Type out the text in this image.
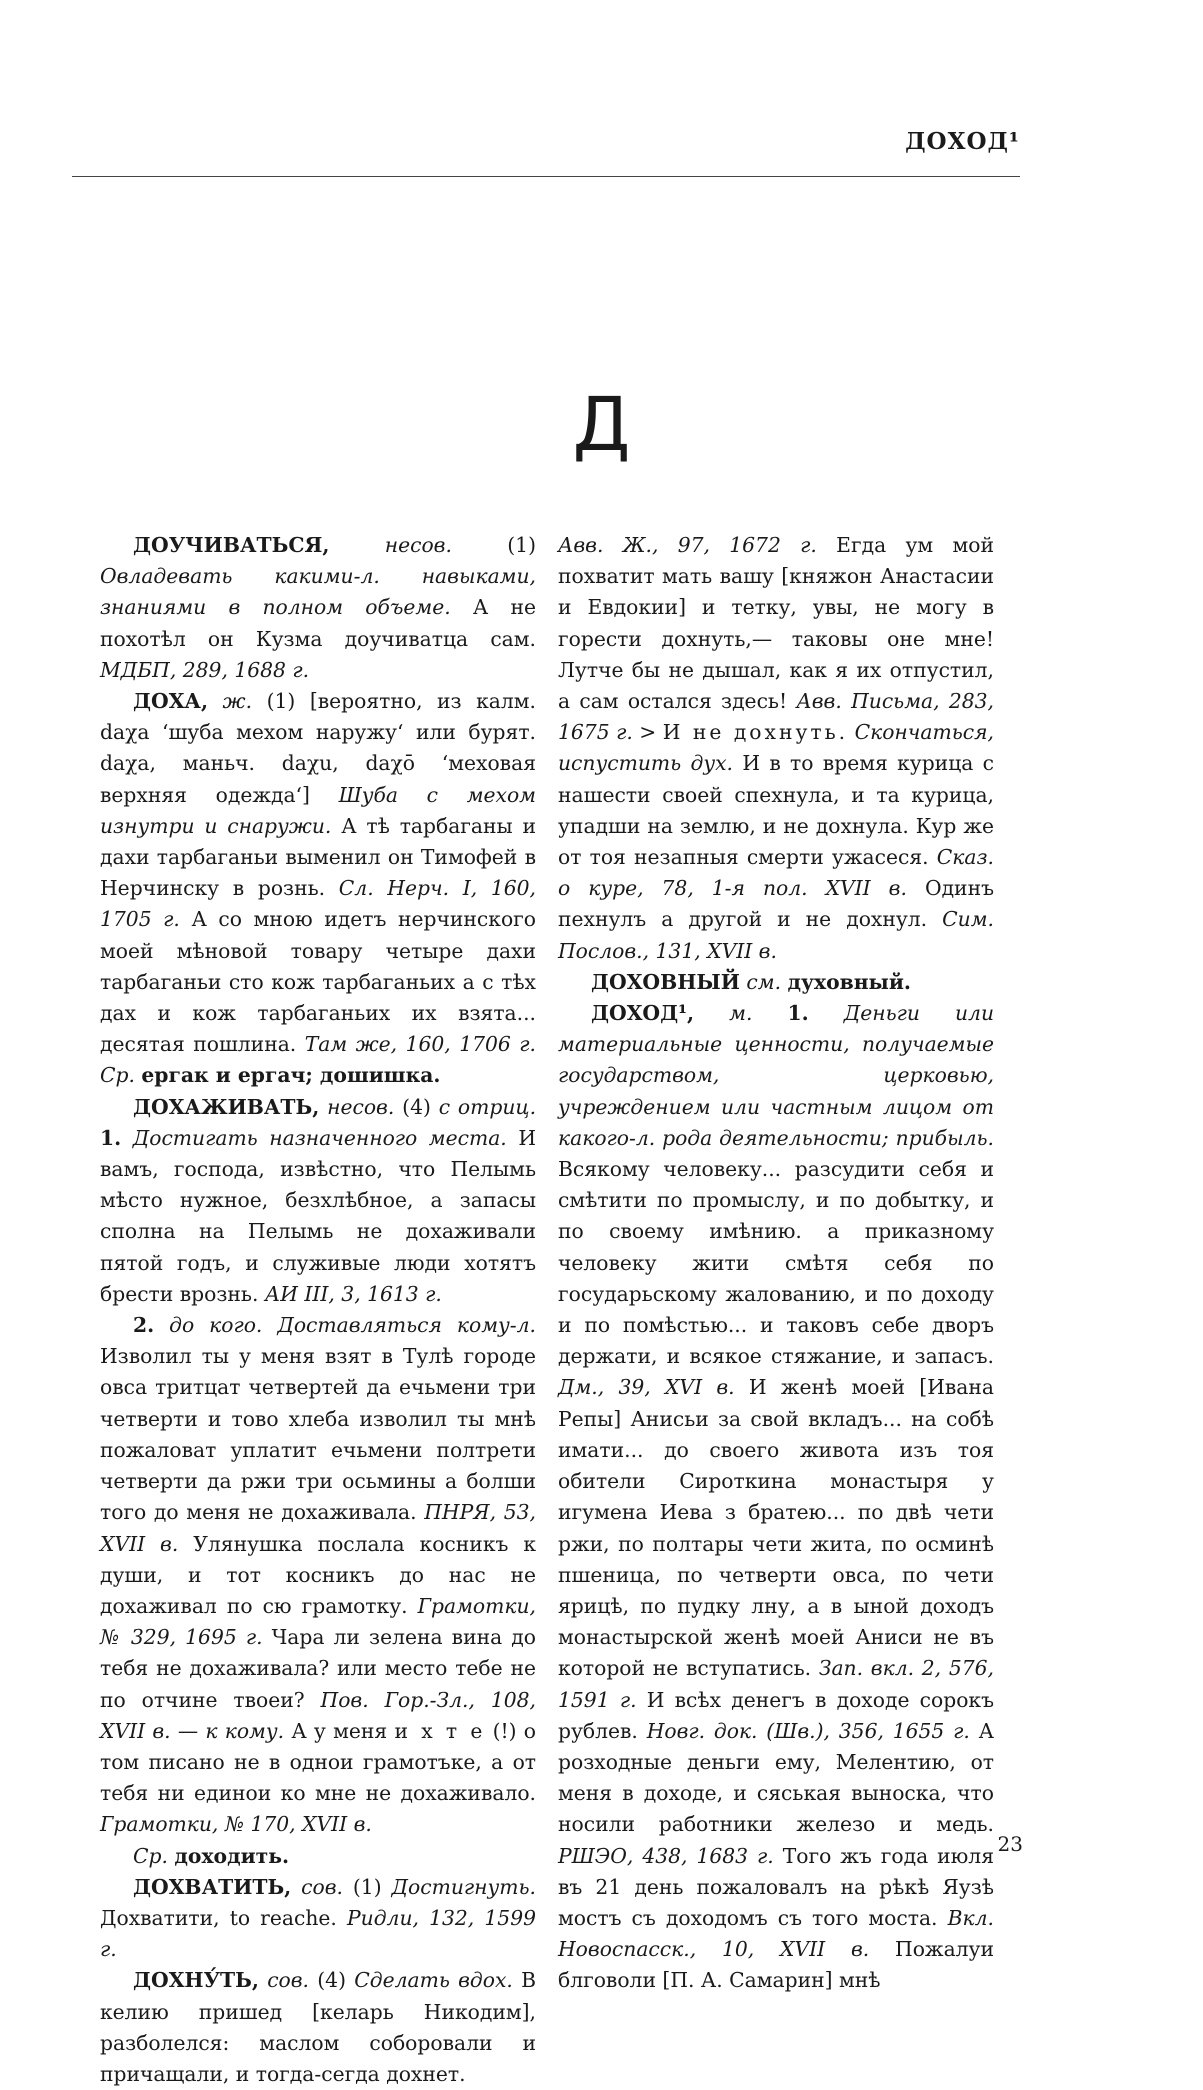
ДОХОД¹
Д

ДОУЧИВАТЬСЯ,	несов.	(1) Овладевать какими-л. навыками, знаниями в полном объеме. А не похотѣл он Кузма доучиватца сам. МДБП, 289, 1688 г.

ДОХА, ж. (1) [вероятно, из калм. daχa ‘шуба мехом наружу‘ или бурят. daχa, маньч. daχu, daχō ‘меховая верхняя одежда‘] Шуба с мехом изнутри и снаружи. А тѣ тарбаганы и дахи тарбаганьи выменил он Тимофей в Нерчинску в рознь. Сл. Нерч. I, 160, 1705 г. А со мною идетъ нерчинского моей мѣновой товару четыре дахи тарбаганьи сто кож тарбаганьих а с тѣх дах и кож тарбаганьих их взята... десятая пошлина. Там же, 160, 1706 г. Ср. ергак и ергач; дошишка.

ДОХАЖИВАТЬ, несов. (4) с отриц. 1. Достигать назначенного места. И вамъ, господа, извѣстно, что Пелымь мѣсто нужное, безхлѣбное, а запасы сполна на Пелымь не дохаживали пятой годъ, и служивые люди хотятъ брести врознь. АИ III, 3, 1613 г.

2. до кого. Доставляться кому-л. Изволил ты у меня взят в Тулѣ городе овса тритцат четвертей да ечьмени три четверти и тово хлеба изволил ты мнѣ пожаловат уплатит ечьмени полтрети четверти да ржи три осьмины а болши того до меня не дохаживала. ПНРЯ, 53, XVII в. Улянушка послала косникъ к души, и тот косникъ до нас не дохаживал по сю грамотку. Грамотки, № 329, 1695 г. Чара ли зелена вина до тебя не дохаживала? или место тебе не по отчине твоеи? Пов. Гор.-Зл., 108, XVII в. — к кому. А у меня и х т е (!) о том писано не в однои грамотъке, а от тебя ни единои ко мне не дохаживало. Грамотки, № 170, XVII в.

Ср. доходить.

ДОХВАТИТЬ, сов. (1) Достигнуть. Дохватити, to reache. Ридли, 132, 1599 г.

ДОХНУ́ТЬ, сов. (4) Сделать вдох. В келию пришед [келарь Никодим], разболелся: маслом соборовали и причащали, и тогда-сегда дохнет.

Авв. Ж., 97, 1672 г. Егда ум мой похватит мать вашу [княжон Анастасии и Евдокии] и тетку, увы, не могу в горести дохнуть,— таковы оне мне! Лутче бы не дышал, как я их отпустил, а сам остался здесь! Авв. Письма, 283, 1675 г. > И не дохнуть. Скончаться, испустить дух. И в то время курица с нашести своей спехнула, и та курица, упадши на землю, и не дохнула. Кур же от тоя незапныя смерти ужасеся. Сказ. о куре, 78, 1-я пол. XVII в. Одинъ пехнулъ а другой и не дохнул. Сим. Послов., 131, XVII в.

ДОХОВНЫЙ см. духовный.

ДОХОД¹, м. 1. Деньги или материальные ценности, получаемые государством, церковью, учреждением или частным лицом от какого-л. рода деятельности; прибыль. Всякому человеку... разсудити себя и смѣтити по промыслу, и по добытку, и по своему имѣнию. а приказному человеку жити смѣтя себя по государьскому жалованию, и по доходу и по помѣстью... и таковъ себе дворъ держати, и всякое стяжание, и запасъ. Дм., 39, XVI в. И женѣ моей [Ивана Репы] Анисьи за свой вкладъ... на собѣ имати... до своего живота изъ тоя обители Сироткина монастыря у игумена Иева з братею... по двѣ чети ржи, по полтары чети жита, по осминѣ пшеница, по четверти овса, по чети ярицѣ, по пудку лну, а в ыной доходъ монастырской женѣ моей Аниси не въ которой не вступатись. Зап. вкл. 2, 576, 1591 г. И всѣх денегъ в доходе сорокъ рублев. Новг. док. (Шв.), 356, 1655 г. А розходные деньги ему, Мелентию, от меня в доходе, и сяськая выноска, что носили работники железо и медь. РШЭО, 438, 1683 г. Того жъ года июля въ 21 день пожаловалъ на рѣкѣ Яузѣ мостъ съ доходомъ съ того моста. Вкл. Новоспасск., 10, XVII в. Пожалуи блговоли [П. А. Самарин] мнѣ

23
